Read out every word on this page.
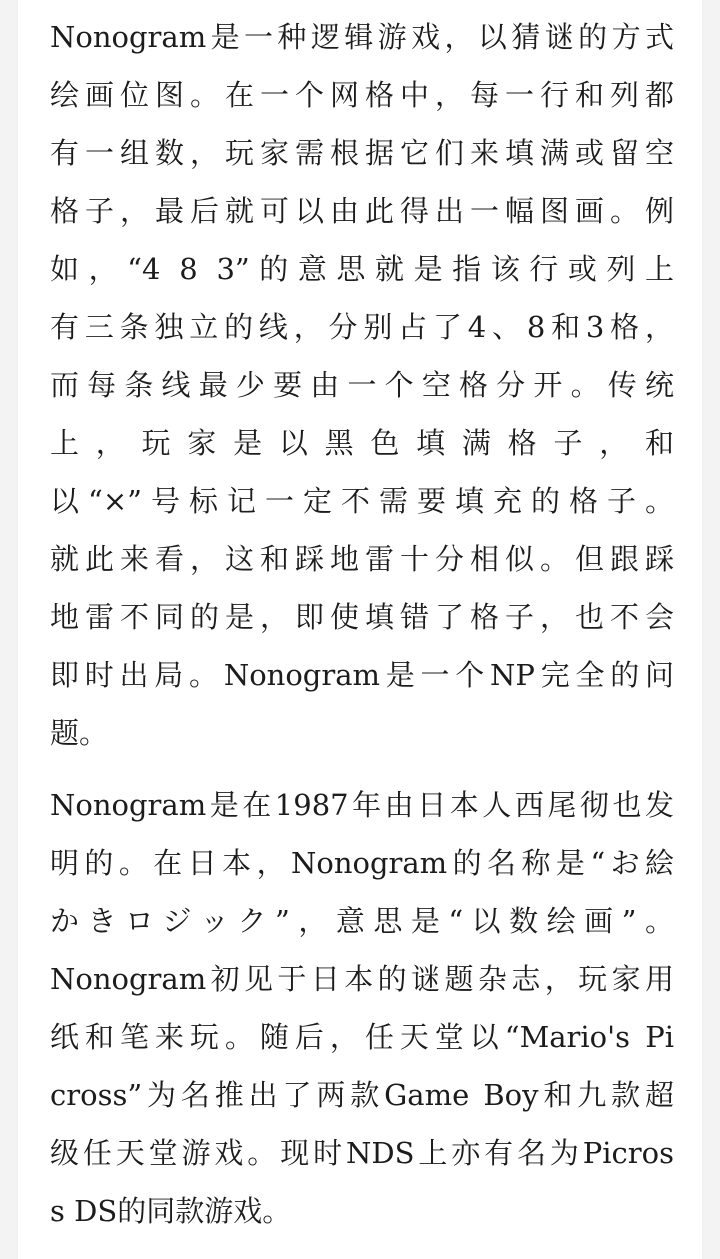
Nonogram是一种逻辑游戏，以猜谜的方式
绘画位图。在一个网格中，每一行和列都
有一组数，玩家需根据它们来填满或留空
格子，最后就可以由此得出一幅图画。例
如，“4 8 3”的意思就是指该行或列上
有三条独立的线，分别占了4、8和3格，
而每条线最少要由一个空格分开。传统
上，玩家是以黑色填满格子，和
以“×”号标记一定不需要填充的格子。
就此来看，这和踩地雷十分相似。但跟踩
地雷不同的是，即使填错了格子，也不会
即时出局。Nonogram是一个NP完全的问
题。
Nonogram是在1987年由日本人西尾彻也发
明的。在日本，Nonogram的名称是“お絵
かきロジック”，意思是“以数绘画”。
Nonogram初见于日本的谜题杂志，玩家用
纸和笔来玩。随后，任天堂以“Mario's Pi
cross”为名推出了两款Game Boy和九款超
级任天堂游戏。现时NDS上亦有名为Picros
s DS的同款游戏。
